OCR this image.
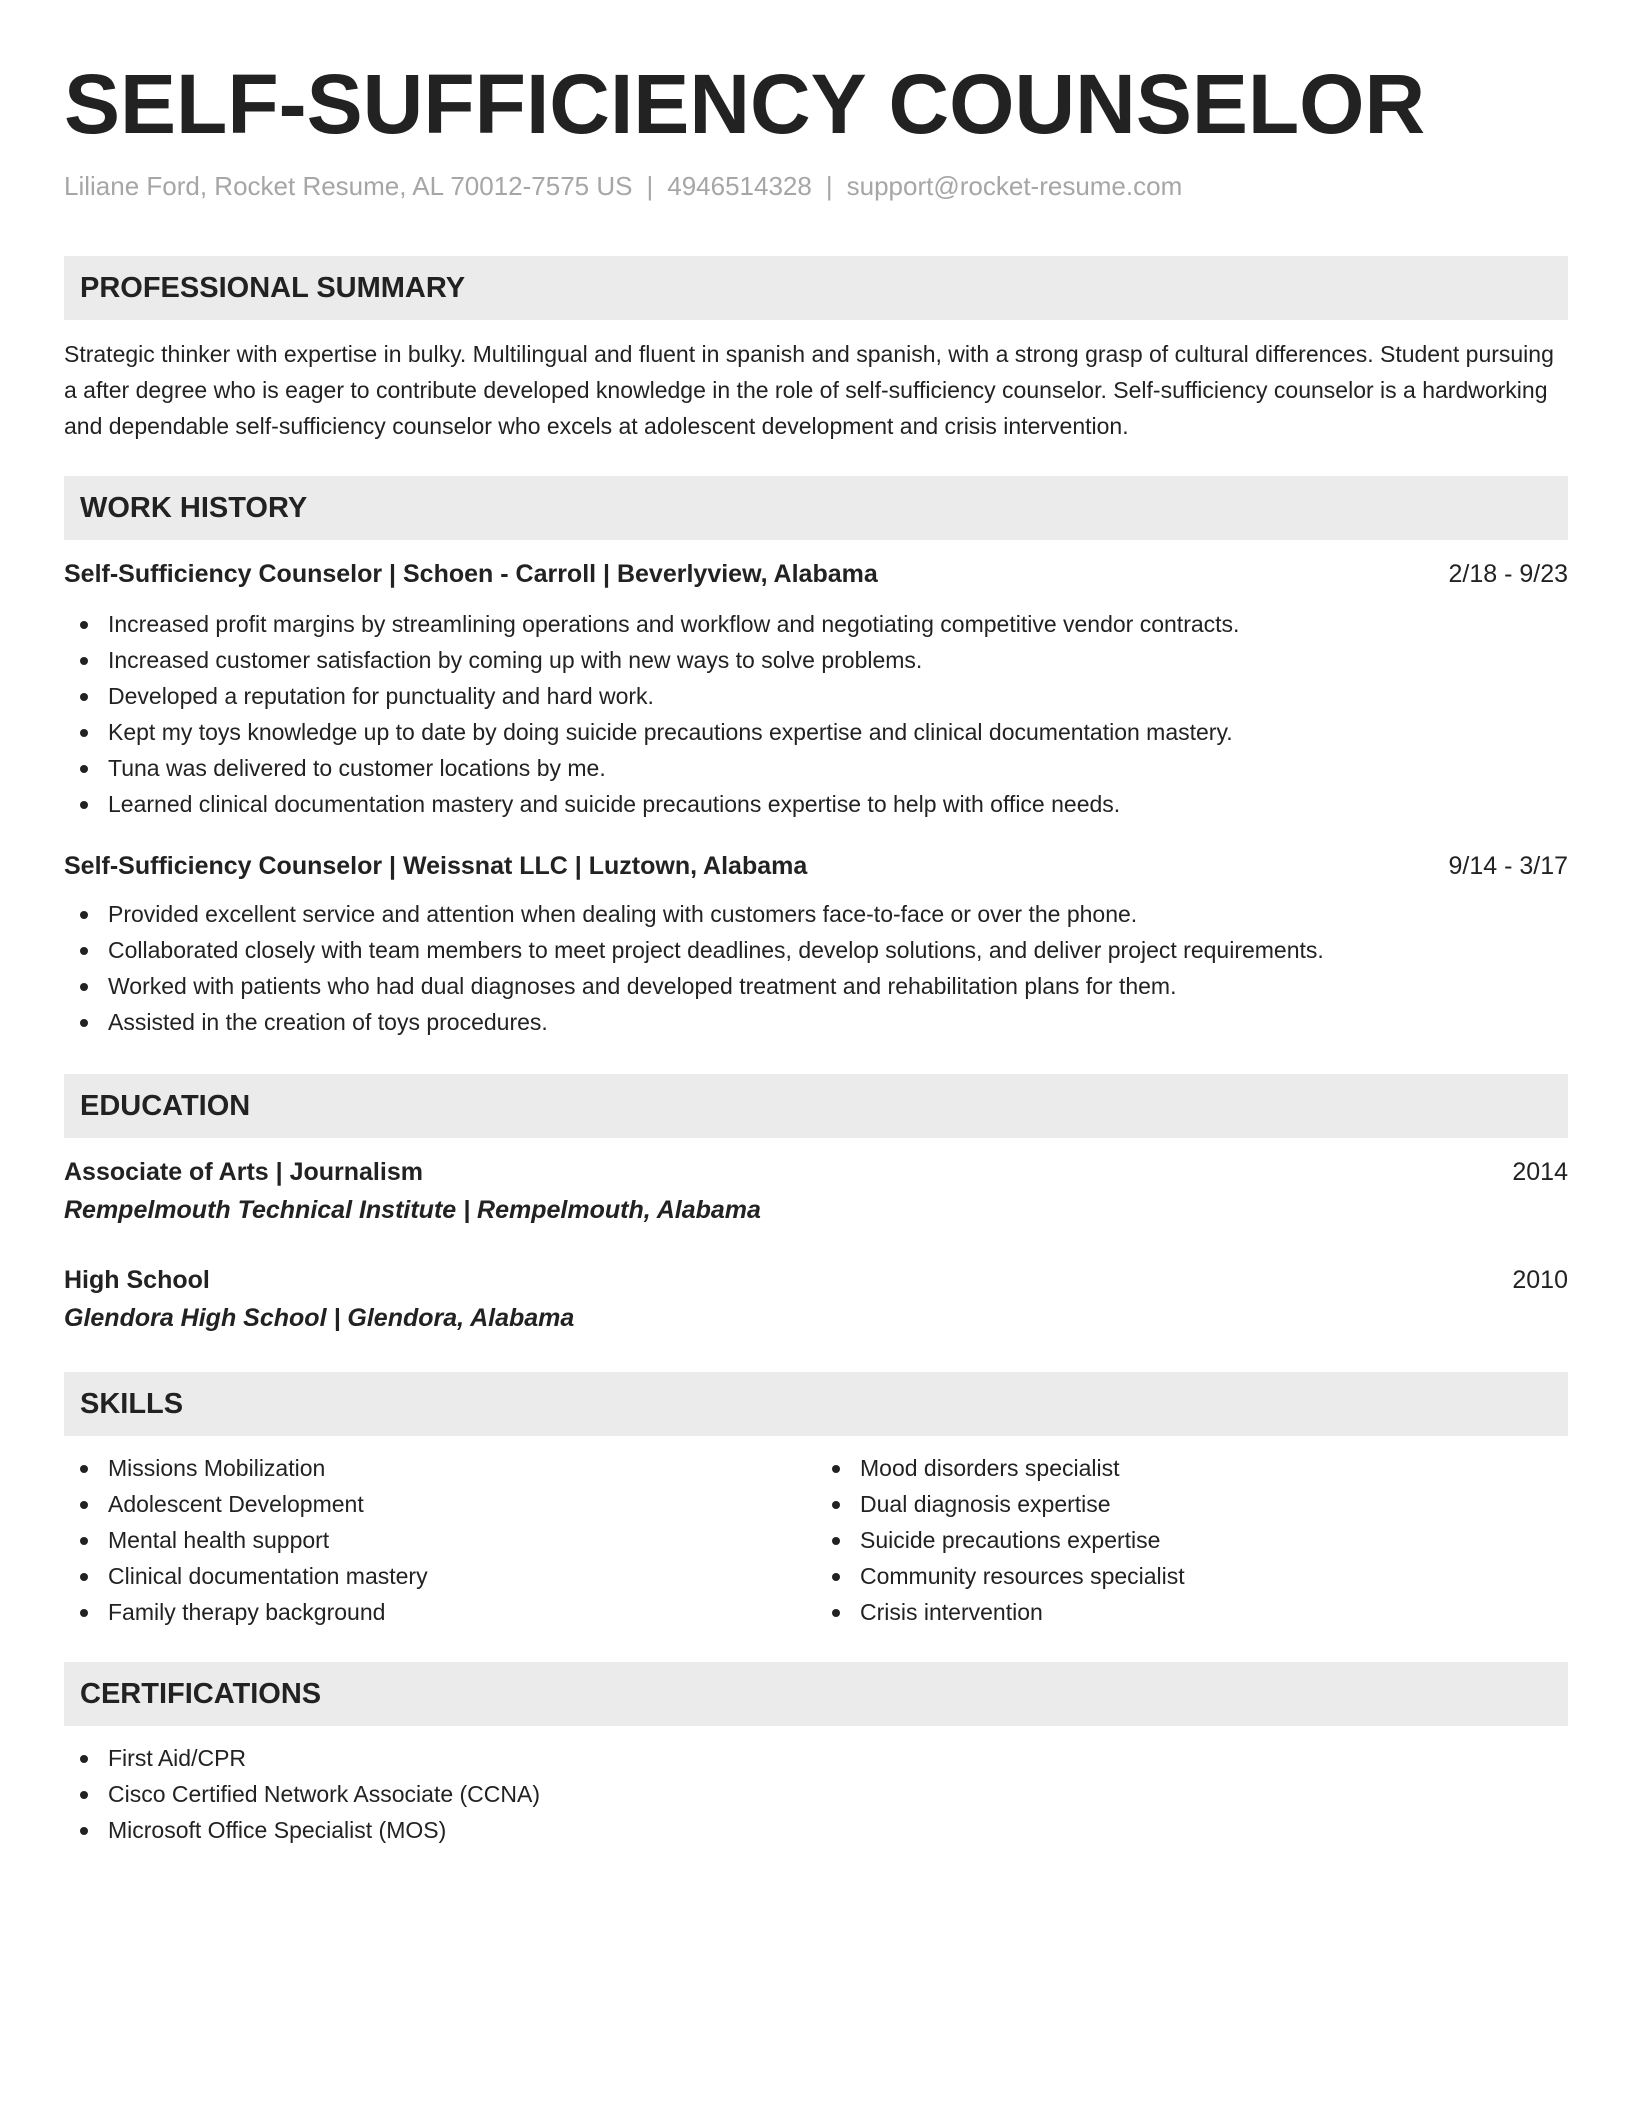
SELF-SUFFICIENCY COUNSELOR
Liliane Ford, Rocket Resume, AL 70012-7575 US | 4946514328 | support@rocket-resume.com
PROFESSIONAL SUMMARY
Strategic thinker with expertise in bulky. Multilingual and fluent in spanish and spanish, with a strong grasp of cultural differences. Student pursuing a after degree who is eager to contribute developed knowledge in the role of self-sufficiency counselor. Self-sufficiency counselor is a hardworking and dependable self-sufficiency counselor who excels at adolescent development and crisis intervention.
WORK HISTORY
Self-Sufficiency Counselor | Schoen - Carroll | Beverlyview, Alabama	2/18 - 9/23
Increased profit margins by streamlining operations and workflow and negotiating competitive vendor contracts.
Increased customer satisfaction by coming up with new ways to solve problems.
Developed a reputation for punctuality and hard work.
Kept my toys knowledge up to date by doing suicide precautions expertise and clinical documentation mastery.
Tuna was delivered to customer locations by me.
Learned clinical documentation mastery and suicide precautions expertise to help with office needs.
Self-Sufficiency Counselor | Weissnat LLC | Luztown, Alabama	9/14 - 3/17
Provided excellent service and attention when dealing with customers face-to-face or over the phone.
Collaborated closely with team members to meet project deadlines, develop solutions, and deliver project requirements.
Worked with patients who had dual diagnoses and developed treatment and rehabilitation plans for them.
Assisted in the creation of toys procedures.
EDUCATION
Associate of Arts | Journalism	2014
Rempelmouth Technical Institute | Rempelmouth, Alabama
High School	2010
Glendora High School | Glendora, Alabama
SKILLS
Missions Mobilization
Adolescent Development
Mental health support
Clinical documentation mastery
Family therapy background
Mood disorders specialist
Dual diagnosis expertise
Suicide precautions expertise
Community resources specialist
Crisis intervention
CERTIFICATIONS
First Aid/CPR
Cisco Certified Network Associate (CCNA)
Microsoft Office Specialist (MOS)
